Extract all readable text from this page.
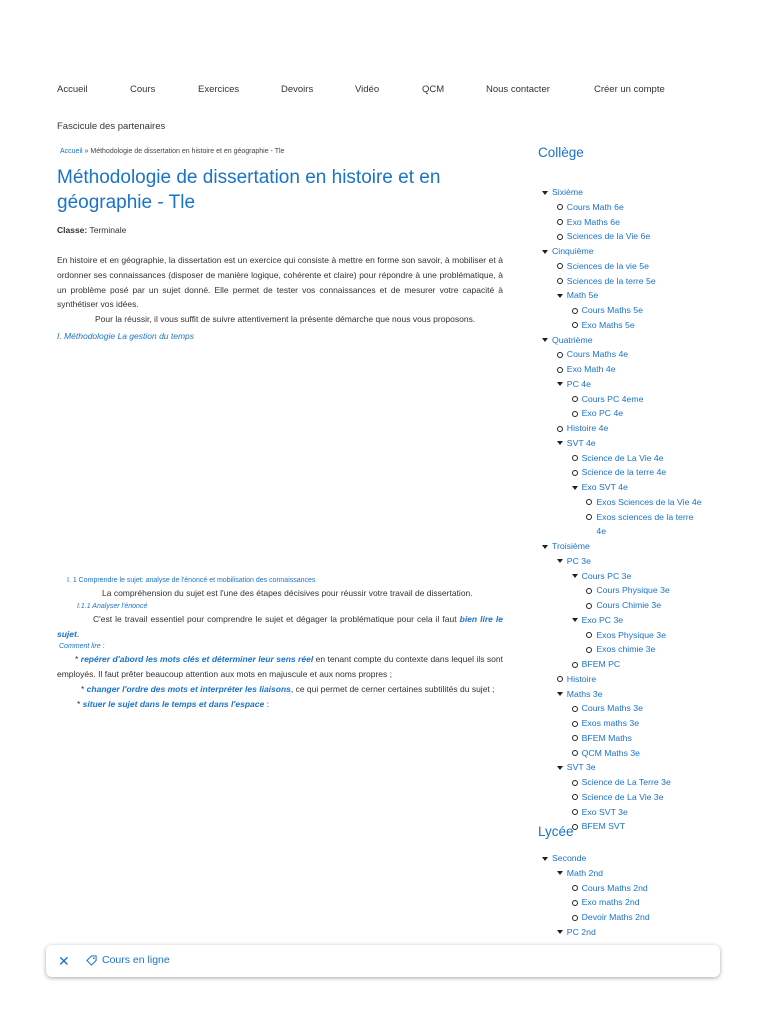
Accueil	Cours	Exercices	Devoirs	Vidéo	QCM	Nous contacter	Créer un compte
Fascicule des partenaires
Accueil » Méthodologie de dissertation en histoire et en géographie - Tle
Méthodologie de dissertation en histoire et en géographie - Tle
Classe: Terminale
En histoire et en géographie, la dissertation est un exercice qui consiste à mettre en forme son savoir, à mobiliser et à ordonner ses connaissances (disposer de manière logique, cohérente et claire) pour répondre à une problématique, à un problème posé par un sujet donné. Elle permet de tester vos connaissances et de mesurer votre capacité à synthétiser vos idées.
Pour la réussir, il vous suffit de suivre attentivement la présente démarche que nous vous proposons.
I. Méthodologie La gestion du temps
I. 1 Comprendre le sujet: analyse de l'énoncé et mobilisation des connaissances
La compréhension du sujet est l'une des étapes décisives pour réussir votre travail de dissertation.
I.1.1 Analyser l'énoncé
C'est le travail essentiel pour comprendre le sujet et dégager la problématique pour cela il faut bien lire le sujet.
Comment lire :
* repérer d'abord les mots clés et déterminer leur sens réel en tenant compte du contexte dans lequel ils sont employés. Il faut prêter beaucoup attention aux mots en majuscule et aux noms propres ;
* changer l'ordre des mots et interpréter les liaisons, ce qui permet de cerner certaines subtilités du sujet ;
* situer le sujet dans le temps et dans l'espace :
Collège
Sixième
Cours Math 6e
Exo Maths 6e
Sciences de la Vie 6e
Cinquième
Sciences de la vie 5e
Sciences de la terre 5e
Math 5e
Cours Maths 5e
Exo Maths 5e
Quatrième
Cours Maths 4e
Exo Math 4e
PC 4e
Cours PC 4eme
Exo PC 4e
Histoire 4e
SVT 4e
Science de La Vie 4e
Science de la terre 4e
Exo SVT 4e
Exos Sciences de la Vie 4e
Exos sciences de la terre
4e
Troisième
PC 3e
Cours PC 3e
Cours Physique 3e
Cours Chimie 3e
Exo PC 3e
Exos Physique 3e
Exos chimie 3e
BFEM PC
Histoire
Maths 3e
Cours Maths 3e
Exos maths 3e
BFEM Maths
QCM Maths 3e
SVT 3e
Science de La Terre 3e
Science de La Vie 3e
Exo SVT 3e
BFEM SVT
Lycée
Seconde
Math 2nd
Cours Maths 2nd
Exo maths 2nd
Devoir Maths 2nd
PC 2nd
✕	Cours en ligne
